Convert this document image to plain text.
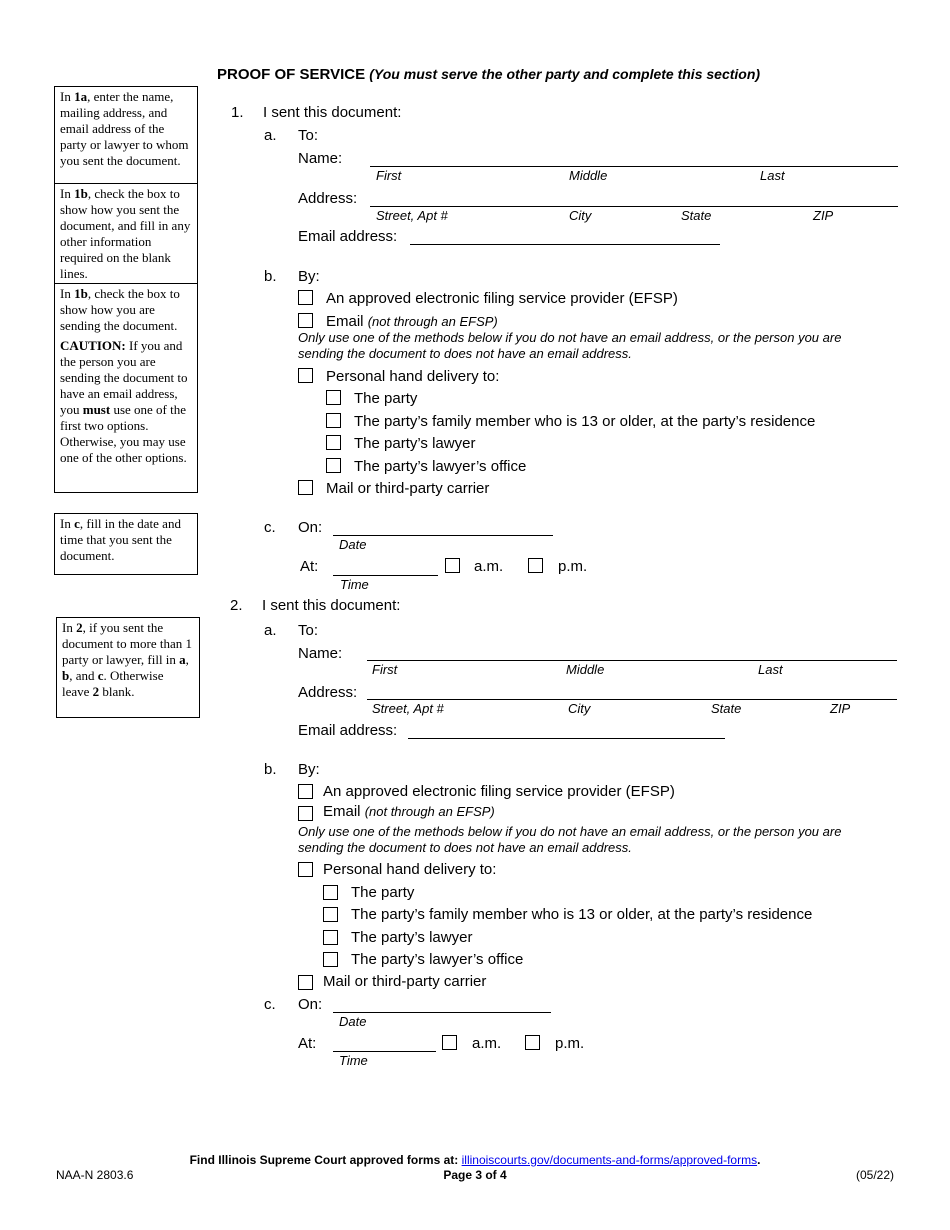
PROOF OF SERVICE (You must serve the other party and complete this section)
In 1a, enter the name, mailing address, and email address of the party or lawyer to whom you sent the document.
In 1b, check the box to show how you sent the document, and fill in any other information required on the blank lines.

In 1b, check the box to show how you are sending the document.

CAUTION: If you and the person you are sending the document to have an email address, you must use one of the first two options. Otherwise, you may use one of the other options.

In c, fill in the date and time that you sent the document.
In 2, if you sent the document to more than 1 party or lawyer, fill in a, b, and c. Otherwise leave 2 blank.
1. I sent this document:
a. To:
Name:
First	Middle	Last
Address:
Street, Apt #	City	State	ZIP
Email address:
b. By:
An approved electronic filing service provider (EFSP)
Email (not through an EFSP)
Only use one of the methods below if you do not have an email address, or the person you are
sending the document to does not have an email address.
Personal hand delivery to:
The party
The party’s family member who is 13 or older, at the party’s residence
The party’s lawyer
The party’s lawyer’s office
Mail or third-party carrier
c. On:
Date
At:
Time
a.m.	p.m.
2. I sent this document:
a. To:
Name:
First	Middle	Last
Address:
Street, Apt #	City	State	ZIP
Email address:
b. By:
An approved electronic filing service provider (EFSP)
Email (not through an EFSP)
Only use one of the methods below if you do not have an email address, or the person you are
sending the document to does not have an email address.
Personal hand delivery to:
The party
The party’s family member who is 13 or older, at the party’s residence
The party’s lawyer
The party’s lawyer’s office
Mail or third-party carrier
c. On:
Date
At:
Time
a.m.	p.m.
Find Illinois Supreme Court approved forms at: illinoiscourts.gov/documents-and-forms/approved-forms.
NAA-N 2803.6	Page 3 of 4	(05/22)
